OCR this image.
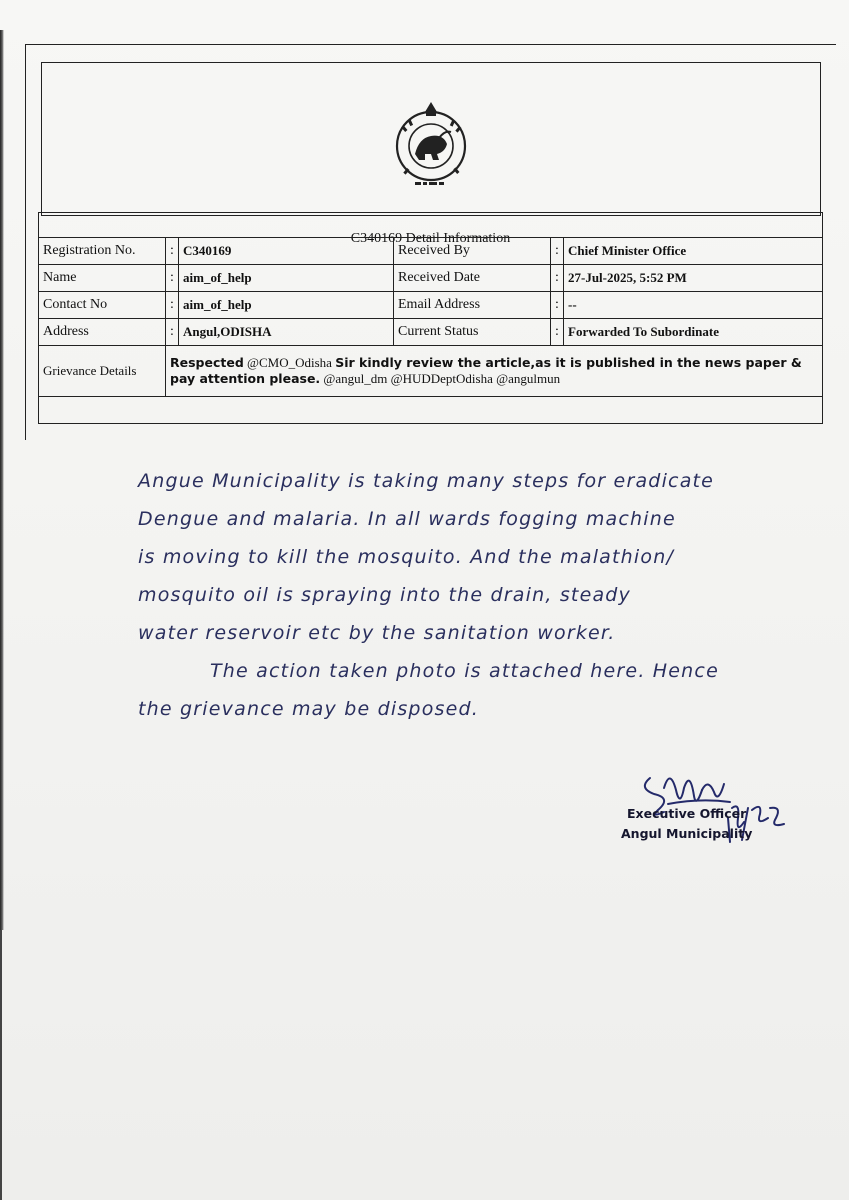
C340169 Detail Information
Registration No.	:	C340169	Received By	:	Chief Minister Office
Name	:	aim_of_help	Received Date	:	27-Jul-2025, 5:52 PM
Contact No	:	aim_of_help	Email Address	:	--
Address	:	Angul,ODISHA	Current Status	:	Forwarded To Subordinate
Grievance Details	Respected @CMO_Odisha Sir kindly review the article,as it is published in the news paper & pay attention please. @angul_dm @HUDDeptOdisha @angulmun				
Angue Municipality is taking many steps for eradicate
Dengue and malaria. In all wards fogging machine
is moving to kill the mosquito. And the malathion/
mosquito oil is spraying into the drain, steady
water reservoir etc by the sanitation worker.
The action taken photo is attached here. Hence
the grievance may be disposed.
Executive Officer
Angul Municipality
